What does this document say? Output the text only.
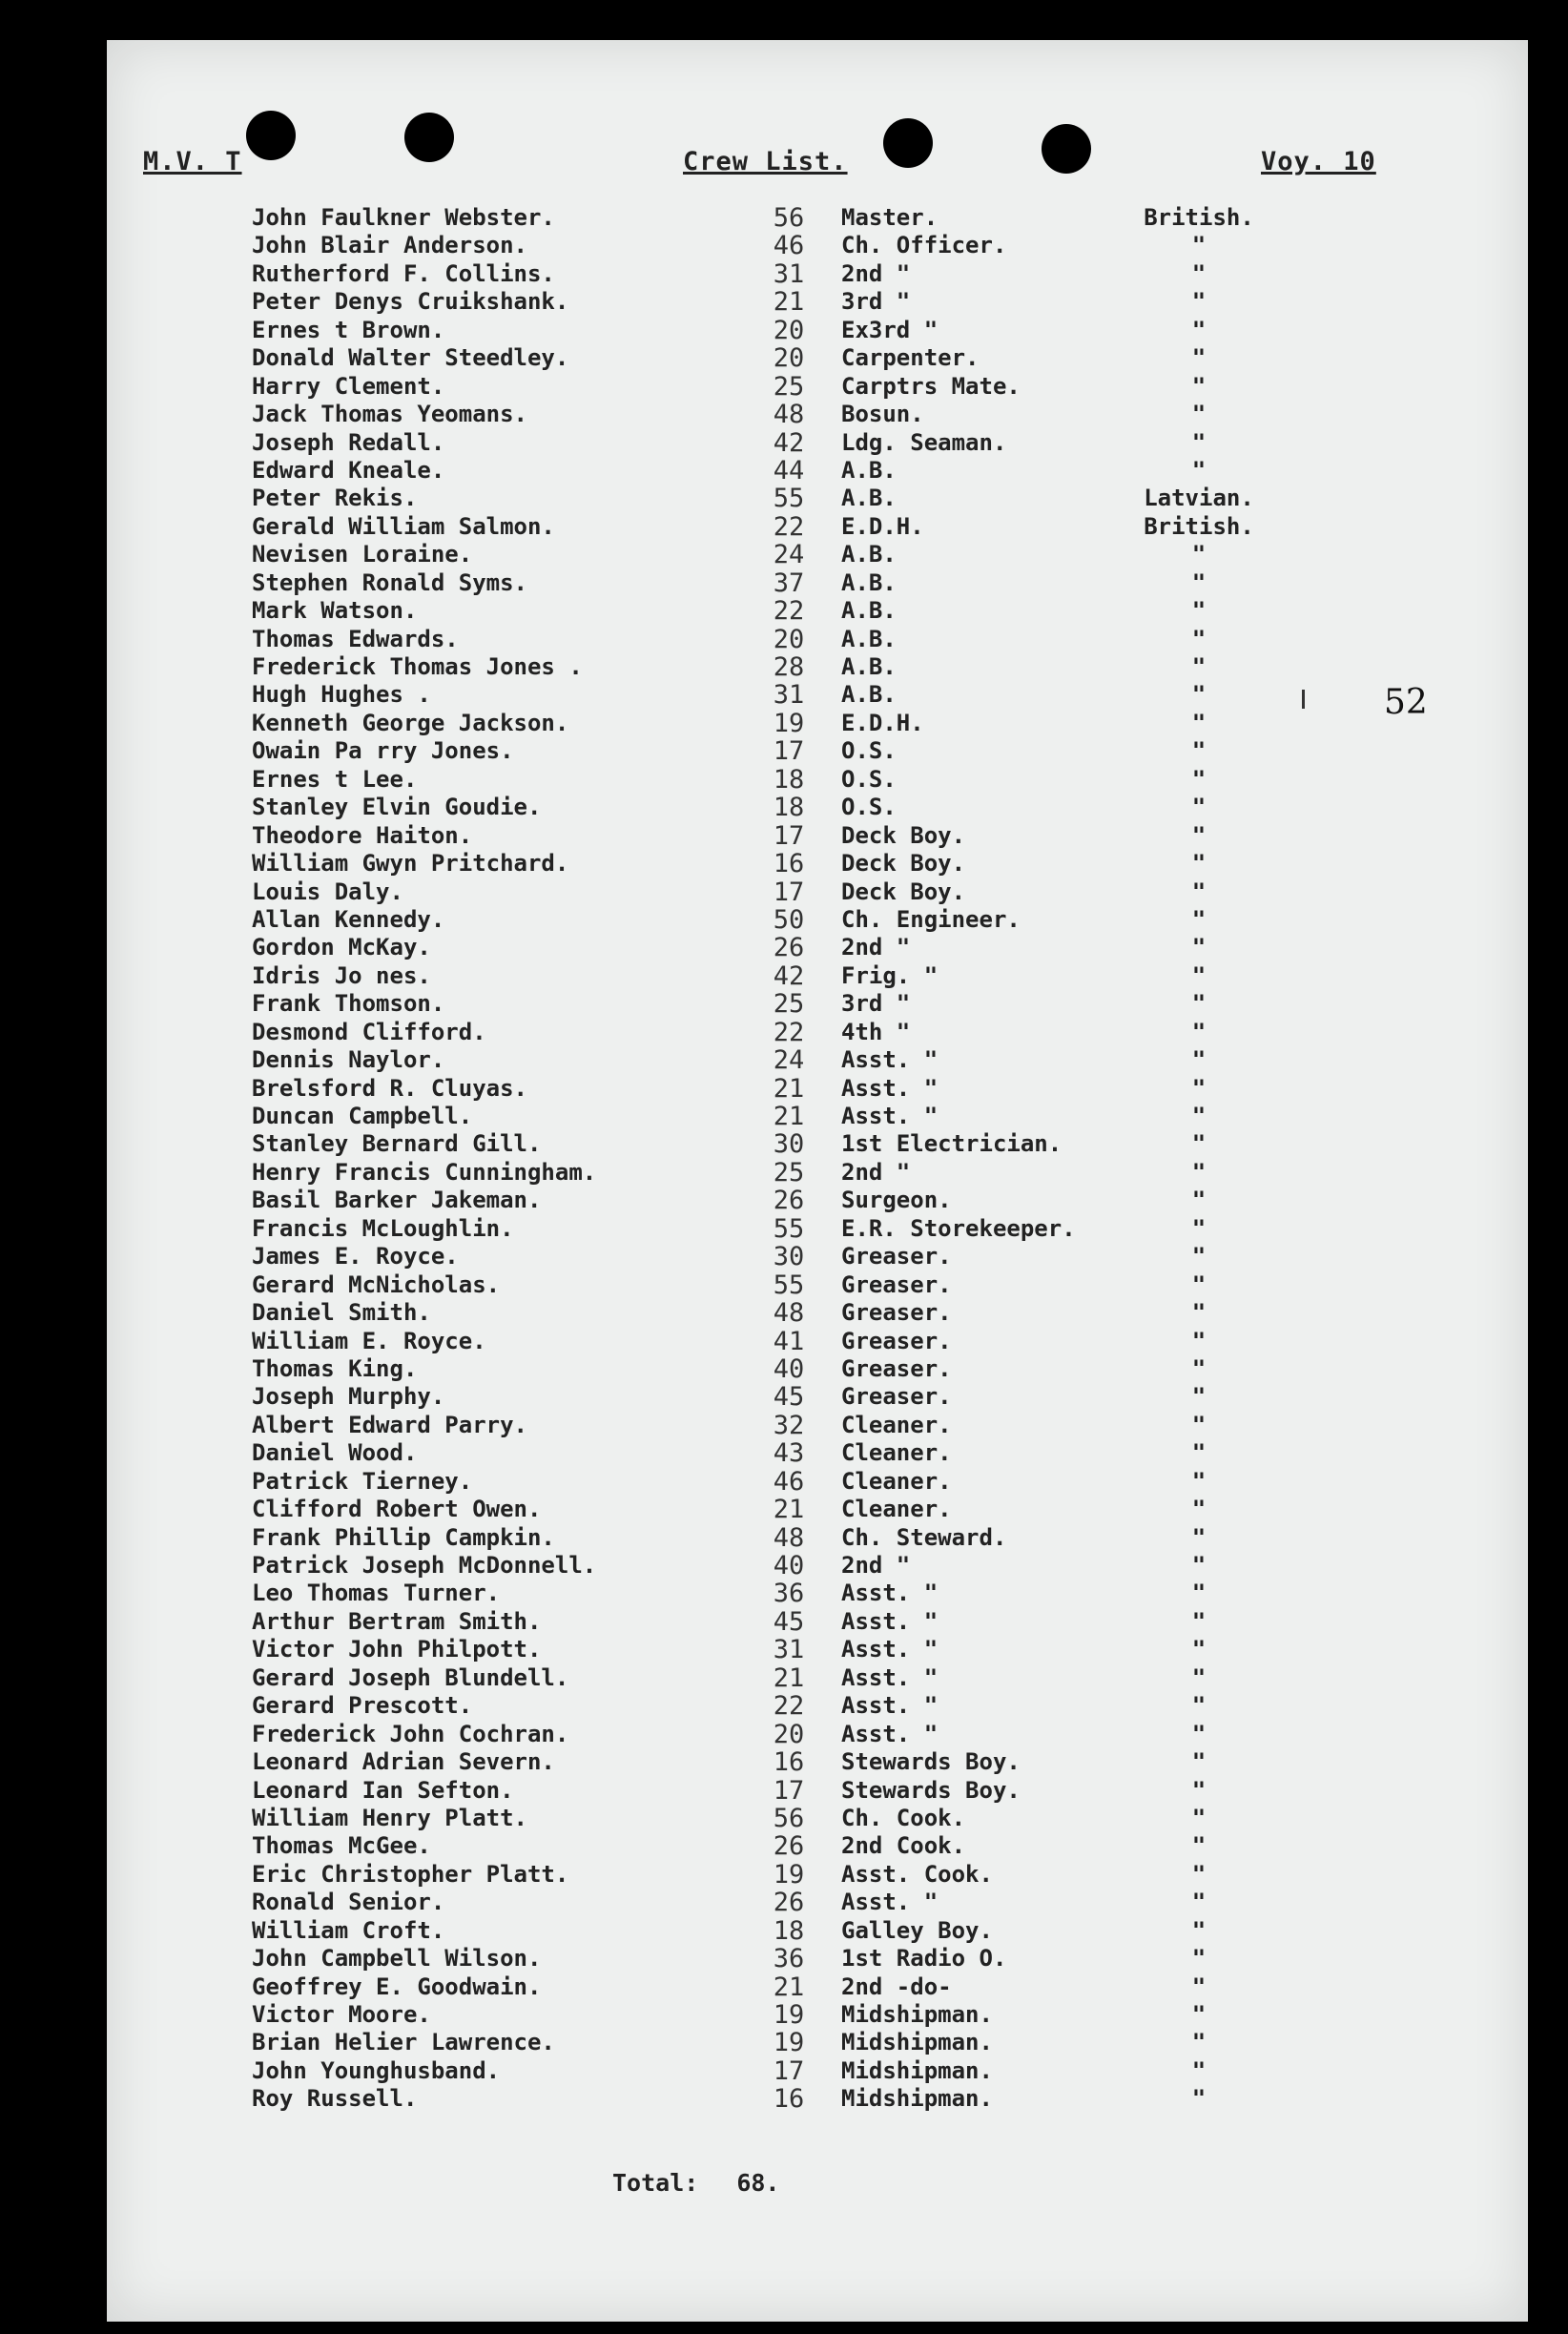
M.V. T	Crew List.	Voy. 10
John Faulkner Webster.	56	Master.	British.
John Blair Anderson.	46	Ch. Officer.	"
Rutherford F. Collins.	31	2nd "	"
Peter Denys Cruikshank.	21	3rd "	"
Ernes t Brown.	20	Ex3rd "	"
Donald Walter Steedley.	20	Carpenter.	"
Harry Clement.	25	Carptrs Mate.	"
Jack Thomas Yeomans.	48	Bosun.	"
Joseph Redall.	42	Ldg. Seaman.	"
Edward Kneale.	44	A.B.	"
Peter Rekis.	55	A.B.	Latvian.
Gerald William Salmon.	22	E.D.H.	British.
Nevisen Loraine.	24	A.B.	"
Stephen Ronald Syms.	37	A.B.	"
Mark Watson.	22	A.B.	"
Thomas Edwards.	20	A.B.	"
Frederick Thomas Jones .	28	A.B.	"
Hugh Hughes .	31	A.B.	"
Kenneth George Jackson.	19	E.D.H.	"
Owain Pa rry Jones.	17	O.S.	"
Ernes t Lee.	18	O.S.	"
Stanley Elvin Goudie.	18	O.S.	"
Theodore Haiton.	17	Deck Boy.	"
William Gwyn Pritchard.	16	Deck Boy.	"
Louis Daly.	17	Deck Boy.	"
Allan Kennedy.	50	Ch. Engineer.	"
Gordon McKay.	26	2nd "	"
Idris Jo nes.	42	Frig. "	"
Frank Thomson.	25	3rd "	"
Desmond Clifford.	22	4th "	"
Dennis Naylor.	24	Asst. "	"
Brelsford R. Cluyas.	21	Asst. "	"
Duncan Campbell.	21	Asst. "	"
Stanley Bernard Gill.	30	1st Electrician.	"
Henry Francis Cunningham.	25	2nd "	"
Basil Barker Jakeman.	26	Surgeon.	"
Francis McLoughlin.	55	E.R. Storekeeper.	"
James E. Royce.	30	Greaser.	"
Gerard McNicholas.	55	Greaser.	"
Daniel Smith.	48	Greaser.	"
William E. Royce.	41	Greaser.	"
Thomas King.	40	Greaser.	"
Joseph Murphy.	45	Greaser.	"
Albert Edward Parry.	32	Cleaner.	"
Daniel Wood.	43	Cleaner.	"
Patrick Tierney.	46	Cleaner.	"
Clifford Robert Owen.	21	Cleaner.	"
Frank Phillip Campkin.	48	Ch. Steward.	"
Patrick Joseph McDonnell.	40	2nd "	"
Leo Thomas Turner.	36	Asst. "	"
Arthur Bertram Smith.	45	Asst. "	"
Victor John Philpott.	31	Asst. "	"
Gerard Joseph Blundell.	21	Asst. "	"
Gerard Prescott.	22	Asst. "	"
Frederick John Cochran.	20	Asst. "	"
Leonard Adrian Severn.	16	Stewards Boy.	"
Leonard Ian Sefton.	17	Stewards Boy.	"
William Henry Platt.	56	Ch. Cook.	"
Thomas McGee.	26	2nd Cook.	"
Eric Christopher Platt.	19	Asst. Cook.	"
Ronald Senior.	26	Asst. "	"
William Croft.	18	Galley Boy.	"
John Campbell Wilson.	36	1st Radio O.	"
Geoffrey E. Goodwain.	21	2nd -do-	"
Victor Moore.	19	Midshipman.	"
Brian Helier Lawrence.	19	Midshipman.	"
John Younghusband.	17	Midshipman.	"
Roy Russell.	16	Midshipman.	"
Total: 68.
52
